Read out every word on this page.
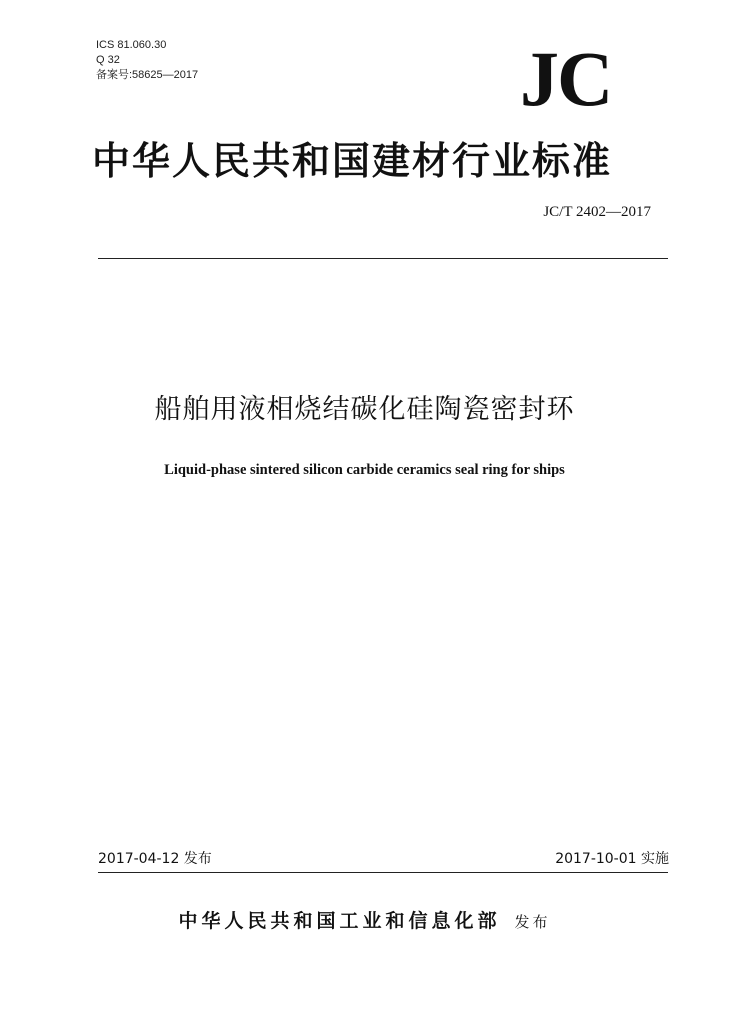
ICS 81.060.30
Q 32
备案号:58625—2017	JC
中华人民共和国建材行业标准
JC/T 2402—2017
船舶用液相烧结碳化硅陶瓷密封环
Liquid-phase sintered silicon carbide ceramics seal ring for ships
2017-04-12 发布	2017-10-01 实施
中华人民共和国工业和信息化部 发布
